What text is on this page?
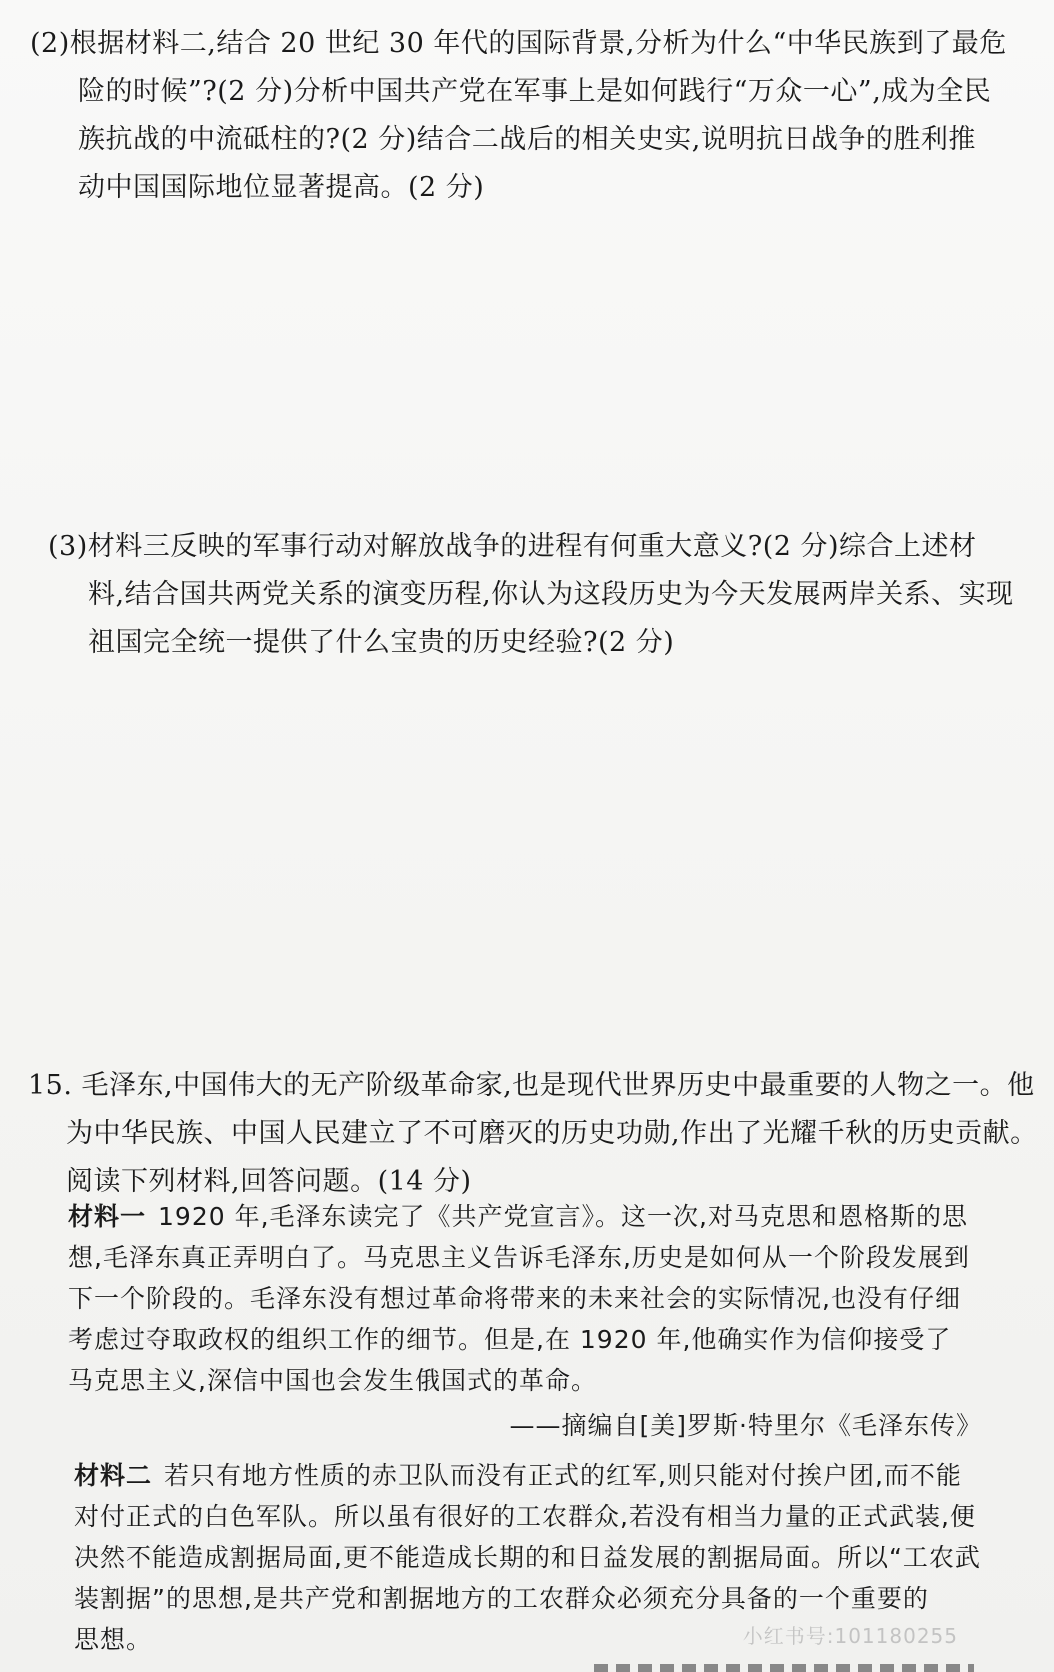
(2)根据材料二,结合 20 世纪 30 年代的国际背景,分析为什么“中华民族到了最危
险的时候”?(2 分)分析中国共产党在军事上是如何践行“万众一心”,成为全民
族抗战的中流砥柱的?(2 分)结合二战后的相关史实,说明抗日战争的胜利推
动中国国际地位显著提高。(2 分)
(3)材料三反映的军事行动对解放战争的进程有何重大意义?(2 分)综合上述材
料,结合国共两党关系的演变历程,你认为这段历史为今天发展两岸关系、实现
祖国完全统一提供了什么宝贵的历史经验?(2 分)
15. 毛泽东,中国伟大的无产阶级革命家,也是现代世界历史中最重要的人物之一。他
为中华民族、中国人民建立了不可磨灭的历史功勋,作出了光耀千秋的历史贡献。
阅读下列材料,回答问题。(14 分)
材料一 1920 年,毛泽东读完了《共产党宣言》。这一次,对马克思和恩格斯的思
想,毛泽东真正弄明白了。马克思主义告诉毛泽东,历史是如何从一个阶段发展到
下一个阶段的。毛泽东没有想过革命将带来的未来社会的实际情况,也没有仔细
考虑过夺取政权的组织工作的细节。但是,在 1920 年,他确实作为信仰接受了
马克思主义,深信中国也会发生俄国式的革命。
——摘编自[美]罗斯·特里尔《毛泽东传》
材料二 若只有地方性质的赤卫队而没有正式的红军,则只能对付挨户团,而不能
对付正式的白色军队。所以虽有很好的工农群众,若没有相当力量的正式武装,便
决然不能造成割据局面,更不能造成长期的和日益发展的割据局面。所以“工农武
装割据”的思想,是共产党和割据地方的工农群众必须充分具备的一个重要的
思想。	小红书号:101180255
